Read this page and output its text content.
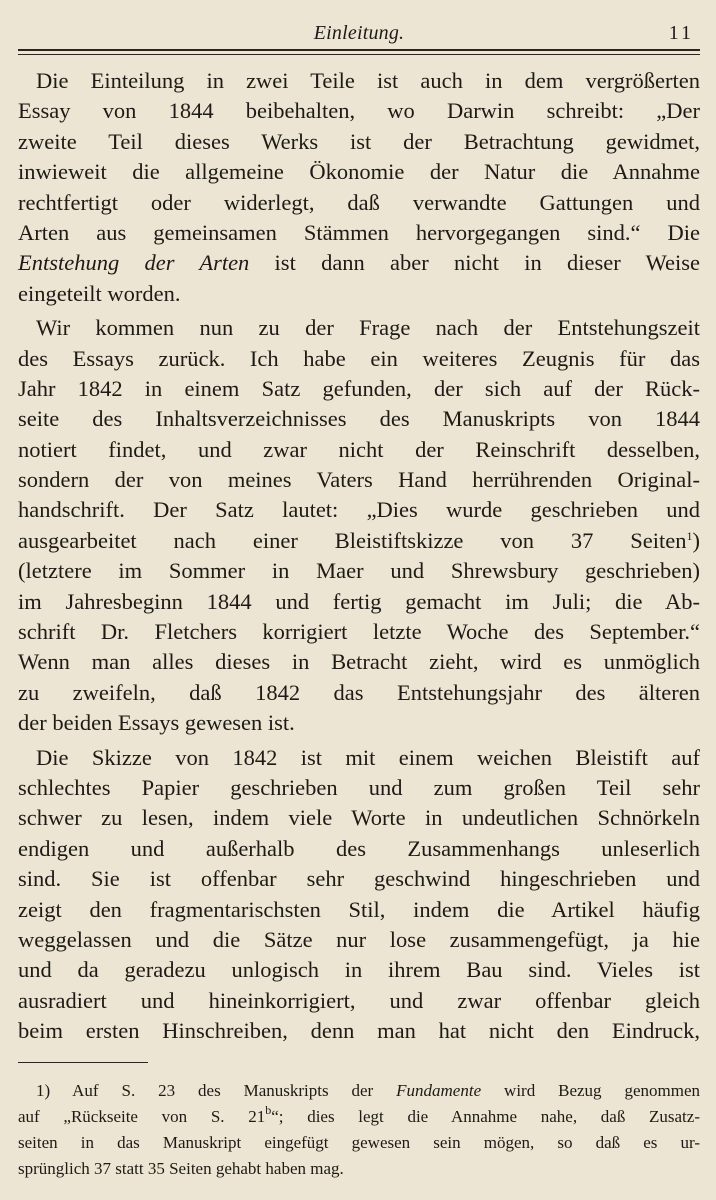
Einleitung.	11
Die Einteilung in zwei Teile ist auch in dem vergrößerten
Essay von 1844 beibehalten, wo Darwin schreibt: „Der
zweite Teil dieses Werks ist der Betrachtung gewidmet,
inwieweit die allgemeine Ökonomie der Natur die Annahme
rechtfertigt oder widerlegt, daß verwandte Gattungen und
Arten aus gemeinsamen Stämmen hervorgegangen sind.“ Die
Entstehung der Arten ist dann aber nicht in dieser Weise
eingeteilt worden.
Wir kommen nun zu der Frage nach der Entstehungszeit
des Essays zurück. Ich habe ein weiteres Zeugnis für das
Jahr 1842 in einem Satz gefunden, der sich auf der Rück-
seite des Inhaltsverzeichnisses des Manuskripts von 1844
notiert findet, und zwar nicht der Reinschrift desselben,
sondern der von meines Vaters Hand herrührenden Original-
handschrift. Der Satz lautet: „Dies wurde geschrieben und
ausgearbeitet nach einer Bleistiftskizze von 37 Seiten$^1$)
(letztere im Sommer in Maer und Shrewsbury geschrieben)
im Jahresbeginn 1844 und fertig gemacht im Juli; die Ab-
schrift Dr. Fletchers korrigiert letzte Woche des September.“
Wenn man alles dieses in Betracht zieht, wird es unmöglich
zu zweifeln, daß 1842 das Entstehungsjahr des älteren
der beiden Essays gewesen ist.
Die Skizze von 1842 ist mit einem weichen Bleistift auf
schlechtes Papier geschrieben und zum großen Teil sehr
schwer zu lesen, indem viele Worte in undeutlichen Schnörkeln
endigen und außerhalb des Zusammenhangs unleserlich
sind. Sie ist offenbar sehr geschwind hingeschrieben und
zeigt den fragmentarischsten Stil, indem die Artikel häufig
weggelassen und die Sätze nur lose zusammengefügt, ja hie
und da geradezu unlogisch in ihrem Bau sind. Vieles ist
ausradiert und hineinkorrigiert, und zwar offenbar gleich
beim ersten Hinschreiben, denn man hat nicht den Eindruck,
1) Auf S. 23 des Manuskripts der Fundamente wird Bezug genommen
auf „Rückseite von S. 21$^b$“; dies legt die Annahme nahe, daß Zusatz-
seiten in das Manuskript eingefügt gewesen sein mögen, so daß es ur-
sprünglich 37 statt 35 Seiten gehabt haben mag.
